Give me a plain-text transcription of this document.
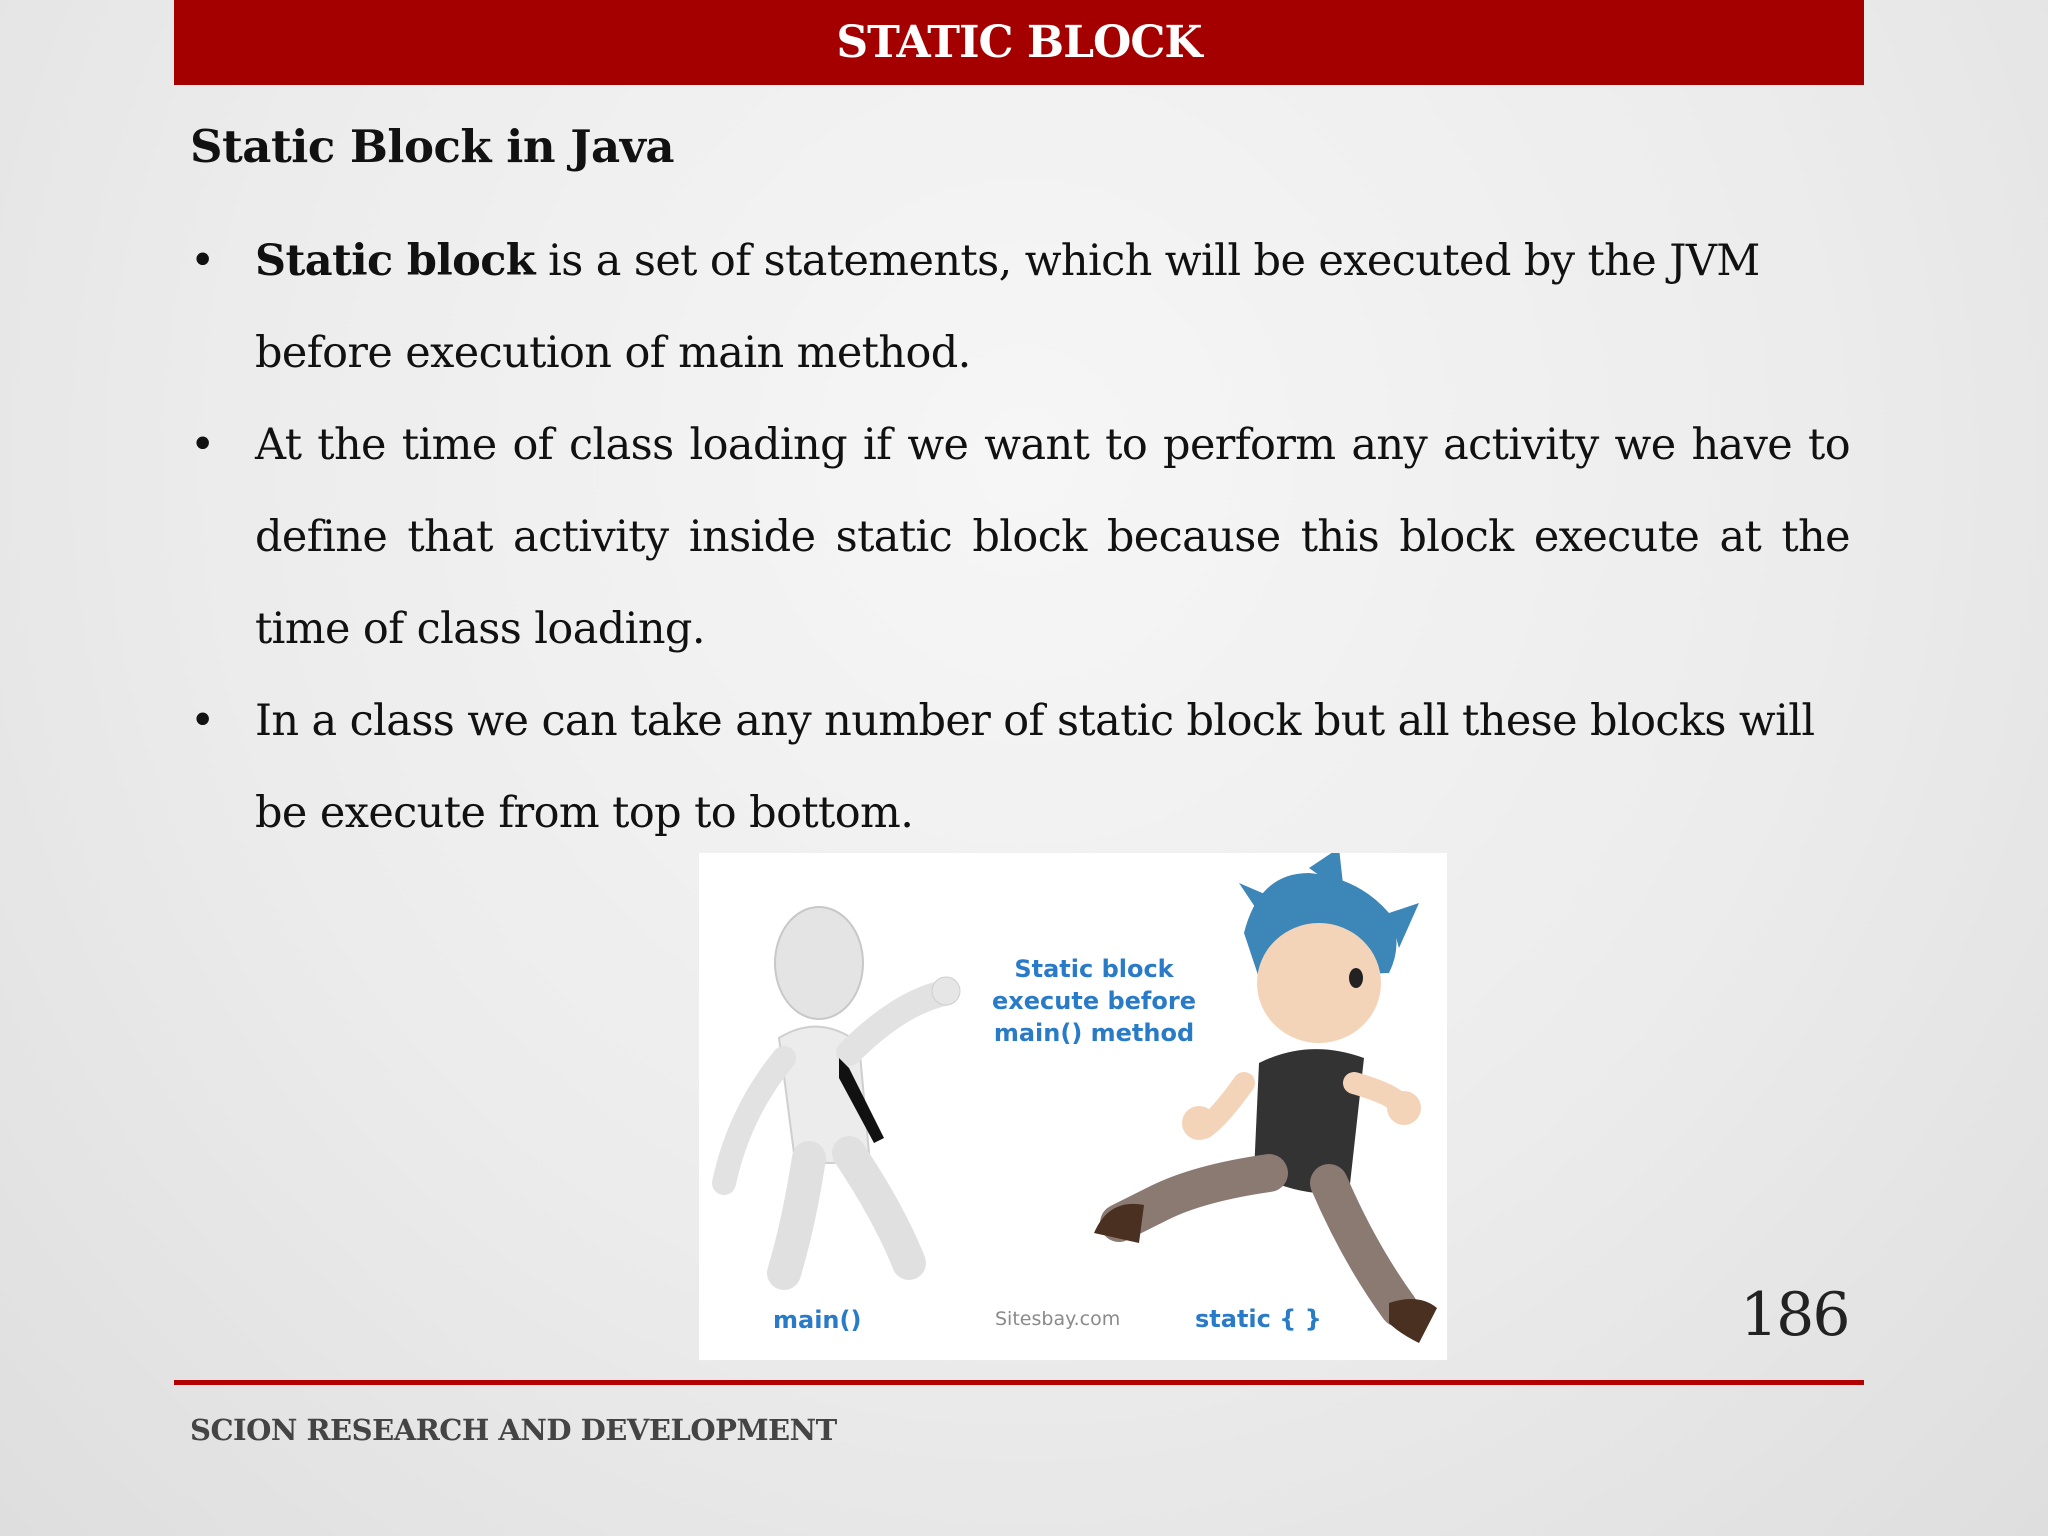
STATIC BLOCK
Static Block in Java
• Static block is a set of statements, which will be executed by the JVM before execution of main method.
• At the time of class loading if we want to perform any activity we have to define that activity inside static block because this block execute at the time of class loading.
• In a class we can take any number of static block but all these blocks will be execute from top to bottom.
Static block
execute before
main() method
main()	static { }
Sitesbay.com	186
SCION RESEARCH AND DEVELOPMENT
